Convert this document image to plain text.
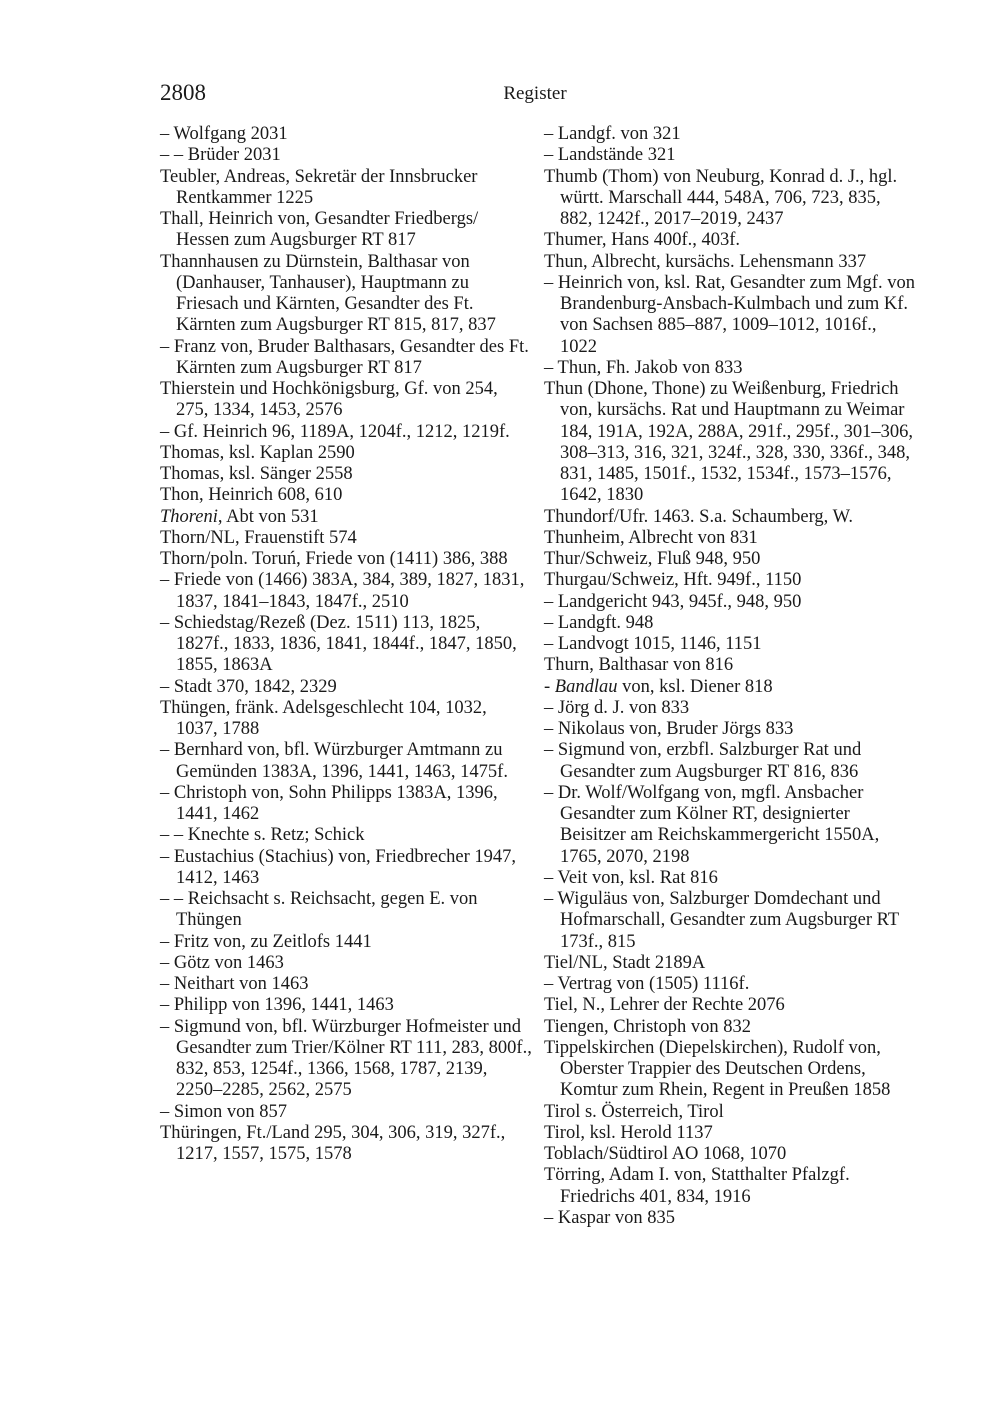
2808	Register
– Wolfgang 2031
– – Brüder 2031
Teubler, Andreas, Sekretär der Innsbrucker Rentkammer 1225
Thall, Heinrich von, Gesandter Friedbergs/ Hessen zum Augsburger RT 817
Thannhausen zu Dürnstein, Balthasar von (Danhauser, Tanhauser), Hauptmann zu Friesach und Kärnten, Gesandter des Ft. Kärnten zum Augsburger RT 815, 817, 837
– Franz von, Bruder Balthasars, Gesandter des Ft. Kärnten zum Augsburger RT 817
Thierstein und Hochkönigsburg, Gf. von 254, 275, 1334, 1453, 2576
– Gf. Heinrich 96, 1189A, 1204f., 1212, 1219f.
Thomas, ksl. Kaplan 2590
Thomas, ksl. Sänger 2558
Thon, Heinrich 608, 610
Thoreni, Abt von 531
Thorn/NL, Frauenstift 574
Thorn/poln. Toruń, Friede von (1411) 386, 388
– Friede von (1466) 383A, 384, 389, 1827, 1831, 1837, 1841–1843, 1847f., 2510
– Schiedstag/Rezeß (Dez. 1511) 113, 1825, 1827f., 1833, 1836, 1841, 1844f., 1847, 1850, 1855, 1863A
– Stadt 370, 1842, 2329
Thüngen, fränk. Adelsgeschlecht 104, 1032, 1037, 1788
– Bernhard von, bfl. Würzburger Amtmann zu Gemünden 1383A, 1396, 1441, 1463, 1475f.
– Christoph von, Sohn Philipps 1383A, 1396, 1441, 1462
– – Knechte s. Retz; Schick
– Eustachius (Stachius) von, Friedbrecher 1947, 1412, 1463
– – Reichsacht s. Reichsacht, gegen E. von Thüngen
– Fritz von, zu Zeitlofs 1441
– Götz von 1463
– Neithart von 1463
– Philipp von 1396, 1441, 1463
– Sigmund von, bfl. Würzburger Hofmeister und Gesandter zum Trier/Kölner RT 111, 283, 800f., 832, 853, 1254f., 1366, 1568, 1787, 2139, 2250–2285, 2562, 2575
– Simon von 857
Thüringen, Ft./Land 295, 304, 306, 319, 327f., 1217, 1557, 1575, 1578
– Landgf. von 321
– Landstände 321
Thumb (Thom) von Neuburg, Konrad d. J., hgl. württ. Marschall 444, 548A, 706, 723, 835, 882, 1242f., 2017–2019, 2437
Thumer, Hans 400f., 403f.
Thun, Albrecht, kursächs. Lehensmann 337
– Heinrich von, ksl. Rat, Gesandter zum Mgf. von Brandenburg-Ansbach-Kulmbach und zum Kf. von Sachsen 885–887, 1009–1012, 1016f., 1022
– Thun, Fh. Jakob von 833
Thun (Dhone, Thone) zu Weißenburg, Friedrich von, kursächs. Rat und Hauptmann zu Weimar 184, 191A, 192A, 288A, 291f., 295f., 301–306, 308–313, 316, 321, 324f., 328, 330, 336f., 348, 831, 1485, 1501f., 1532, 1534f., 1573–1576, 1642, 1830
Thundorf/Ufr. 1463. S.a. Schaumberg, W.
Thunheim, Albrecht von 831
Thur/Schweiz, Fluß 948, 950
Thurgau/Schweiz, Hft. 949f., 1150
– Landgericht 943, 945f., 948, 950
– Landgft. 948
– Landvogt 1015, 1146, 1151
Thurn, Balthasar von 816
- Bandlau von, ksl. Diener 818
– Jörg d. J. von 833
– Nikolaus von, Bruder Jörgs 833
– Sigmund von, erzbfl. Salzburger Rat und Gesandter zum Augsburger RT 816, 836
– Dr. Wolf/Wolfgang von, mgfl. Ansbacher Gesandter zum Kölner RT, designierter Beisitzer am Reichskammergericht 1550A, 1765, 2070, 2198
– Veit von, ksl. Rat 816
– Wiguläus von, Salzburger Domdechant und Hofmarschall, Gesandter zum Augsburger RT 173f., 815
Tiel/NL, Stadt 2189A
– Vertrag von (1505) 1116f.
Tiel, N., Lehrer der Rechte 2076
Tiengen, Christoph von 832
Tippelskirchen (Diepelskirchen), Rudolf von, Oberster Trappier des Deutschen Ordens, Komtur zum Rhein, Regent in Preußen 1858
Tirol s. Österreich, Tirol
Tirol, ksl. Herold 1137
Toblach/Südtirol AO 1068, 1070
Törring, Adam I. von, Statthalter Pfalzgf. Friedrichs 401, 834, 1916
– Kaspar von 835
